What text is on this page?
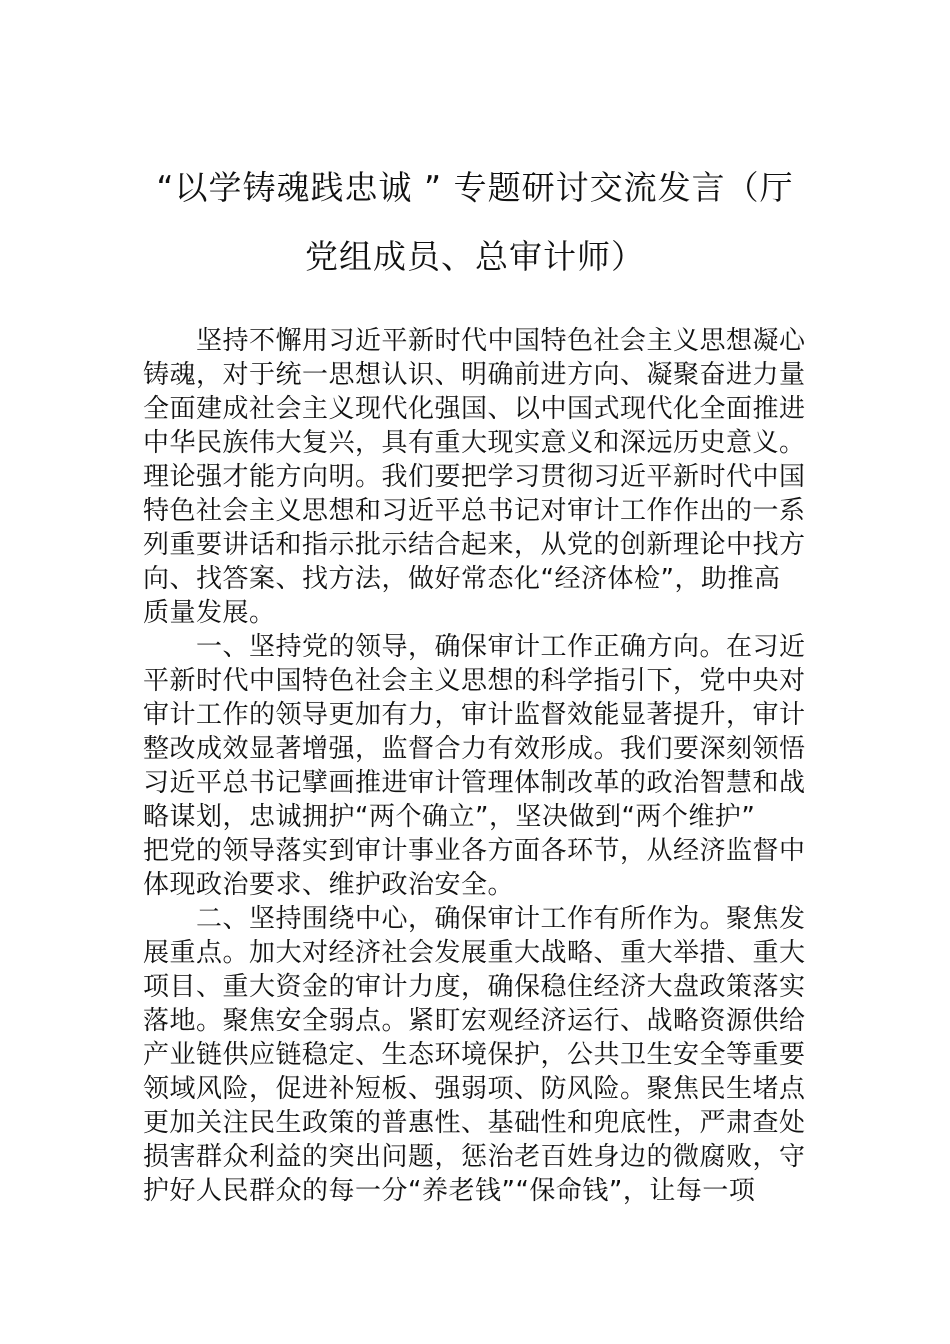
“以学铸魂践忠诚 ” 专题研讨交流发言（厅
党组成员、总审计师）
　　坚持不懈用习近平新时代中国特色社会主义思想凝心
铸魂，对于统一思想认识、明确前进方向、凝聚奋进力量
全面建成社会主义现代化强国、以中国式现代化全面推进
中华民族伟大复兴，具有重大现实意义和深远历史意义。
理论强才能方向明。我们要把学习贯彻习近平新时代中国
特色社会主义思想和习近平总书记对审计工作作出的一系
列重要讲话和指示批示结合起来，从党的创新理论中找方
向、找答案、找方法，做好常态化“经济体检”，助推高
质量发展。
　　一、坚持党的领导，确保审计工作正确方向。在习近
平新时代中国特色社会主义思想的科学指引下，党中央对
审计工作的领导更加有力，审计监督效能显著提升，审计
整改成效显著增强，监督合力有效形成。我们要深刻领悟
习近平总书记擘画推进审计管理体制改革的政治智慧和战
略谋划，忠诚拥护“两个确立”，坚决做到“两个维护”
把党的领导落实到审计事业各方面各环节，从经济监督中
体现政治要求、维护政治安全。
　　二、坚持围绕中心，确保审计工作有所作为。聚焦发
展重点。加大对经济社会发展重大战略、重大举措、重大
项目、重大资金的审计力度，确保稳住经济大盘政策落实
落地。聚焦安全弱点。紧盯宏观经济运行、战略资源供给
产业链供应链稳定、生态环境保护，公共卫生安全等重要
领域风险，促进补短板、强弱项、防风险。聚焦民生堵点
更加关注民生政策的普惠性、基础性和兜底性，严肃查处
损害群众利益的突出问题，惩治老百姓身边的微腐败，守
护好人民群众的每一分“养老钱”“保命钱”，让每一项
